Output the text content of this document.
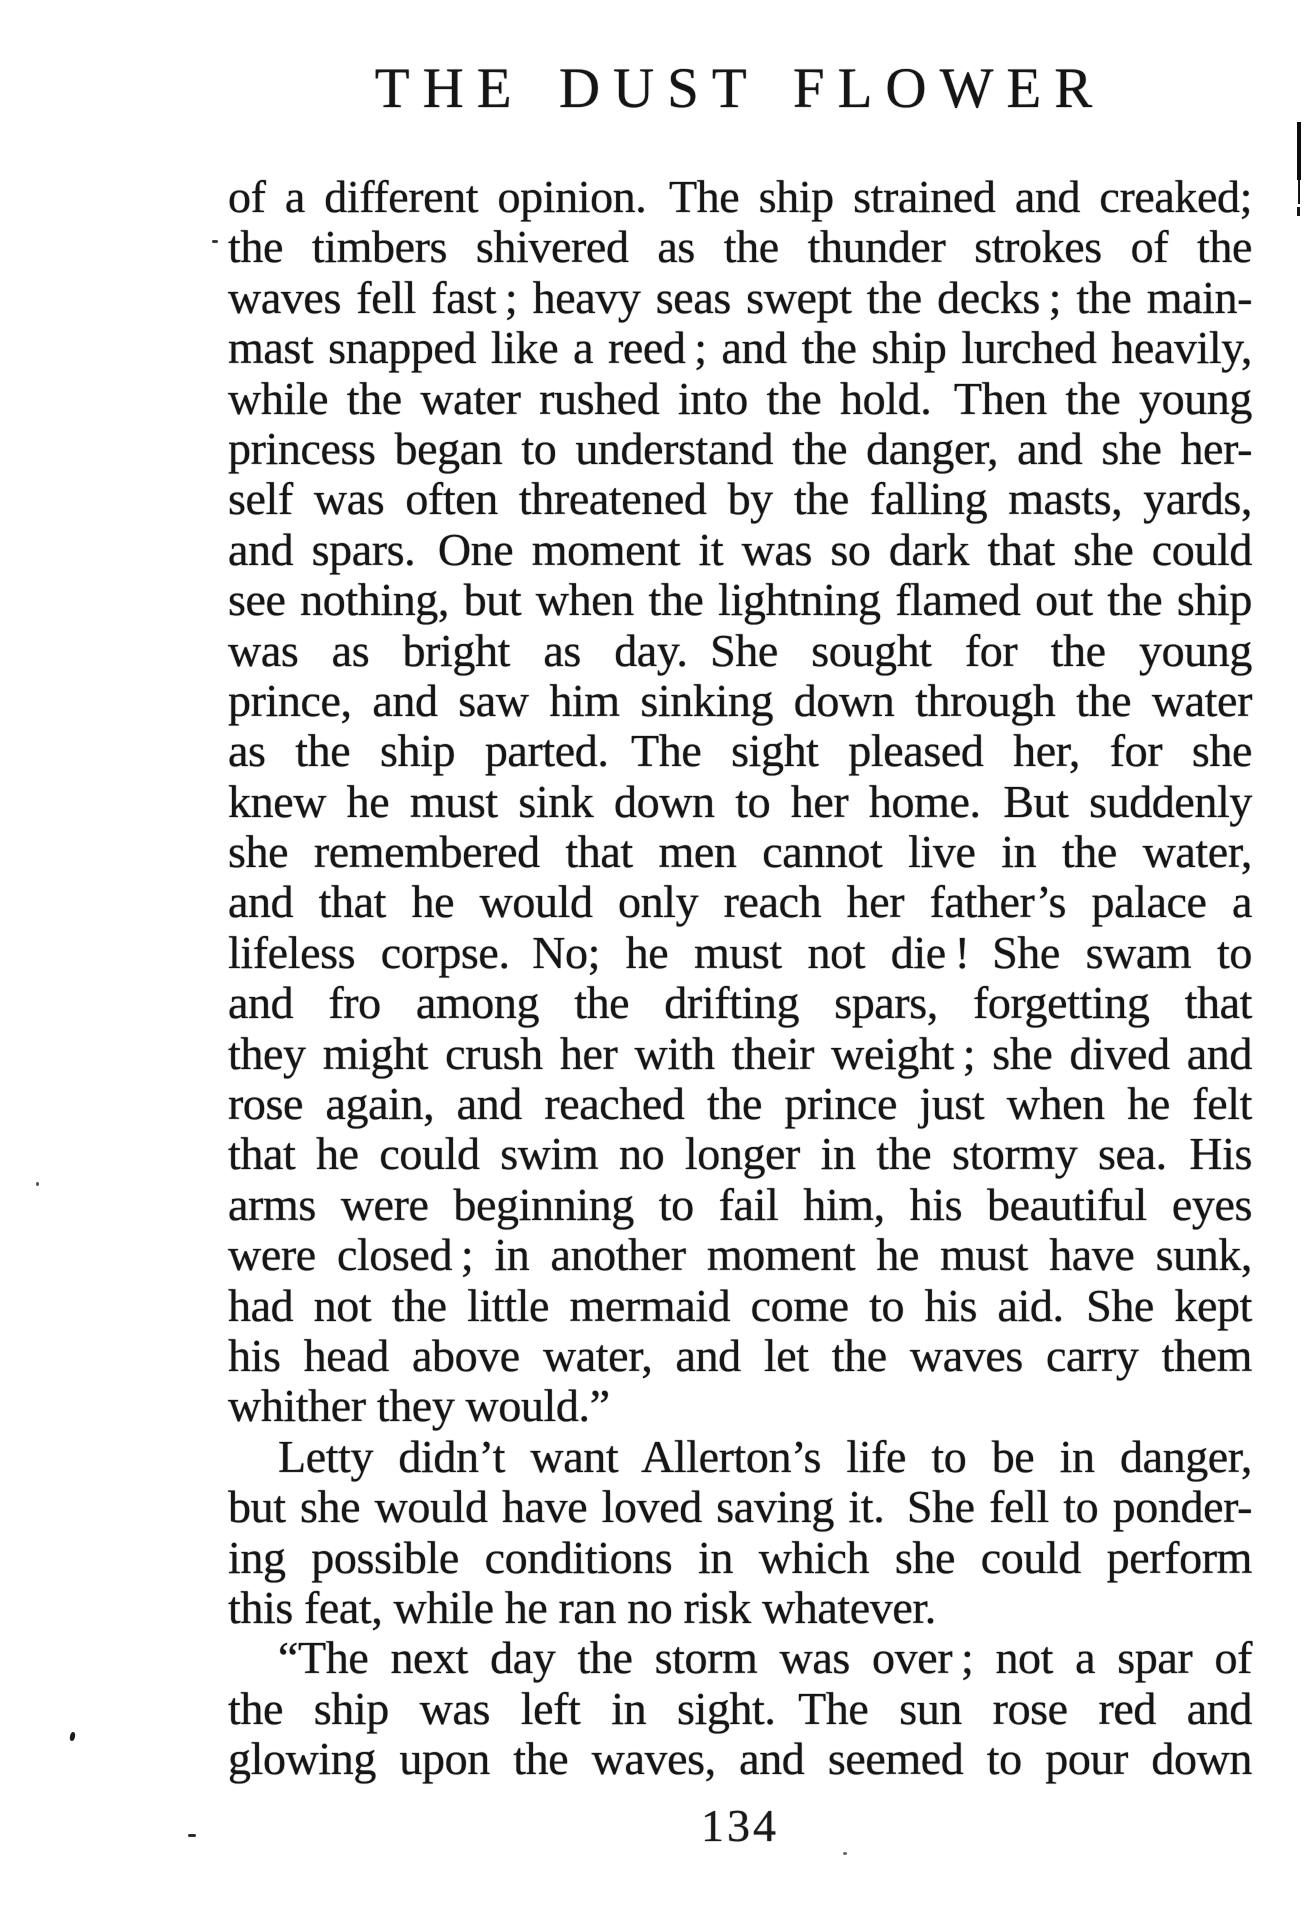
THE DUST FLOWER
of a different opinion. The ship strained and creaked;
the timbers shivered as the thunder strokes of the
waves fell fast ; heavy seas swept the decks ; the main-
mast snapped like a reed ; and the ship lurched heavily,
while the water rushed into the hold. Then the young
princess began to understand the danger, and she her-
self was often threatened by the falling masts, yards,
and spars. One moment it was so dark that she could
see nothing, but when the lightning flamed out the ship
was as bright as day. She sought for the young
prince, and saw him sinking down through the water
as the ship parted. The sight pleased her, for she
knew he must sink down to her home. But suddenly
she remembered that men cannot live in the water,
and that he would only reach her father’s palace a
lifeless corpse. No; he must not die ! She swam to
and fro among the drifting spars, forgetting that
they might crush her with their weight ; she dived and
rose again, and reached the prince just when he felt
that he could swim no longer in the stormy sea. His
arms were beginning to fail him, his beautiful eyes
were closed ; in another moment he must have sunk,
had not the little mermaid come to his aid. She kept
his head above water, and let the waves carry them
whither they would.”
Letty didn’t want Allerton’s life to be in danger,
but she would have loved saving it. She fell to ponder-
ing possible conditions in which she could perform
this feat, while he ran no risk whatever.
“The next day the storm was over ; not a spar of
the ship was left in sight. The sun rose red and
glowing upon the waves, and seemed to pour down
134
